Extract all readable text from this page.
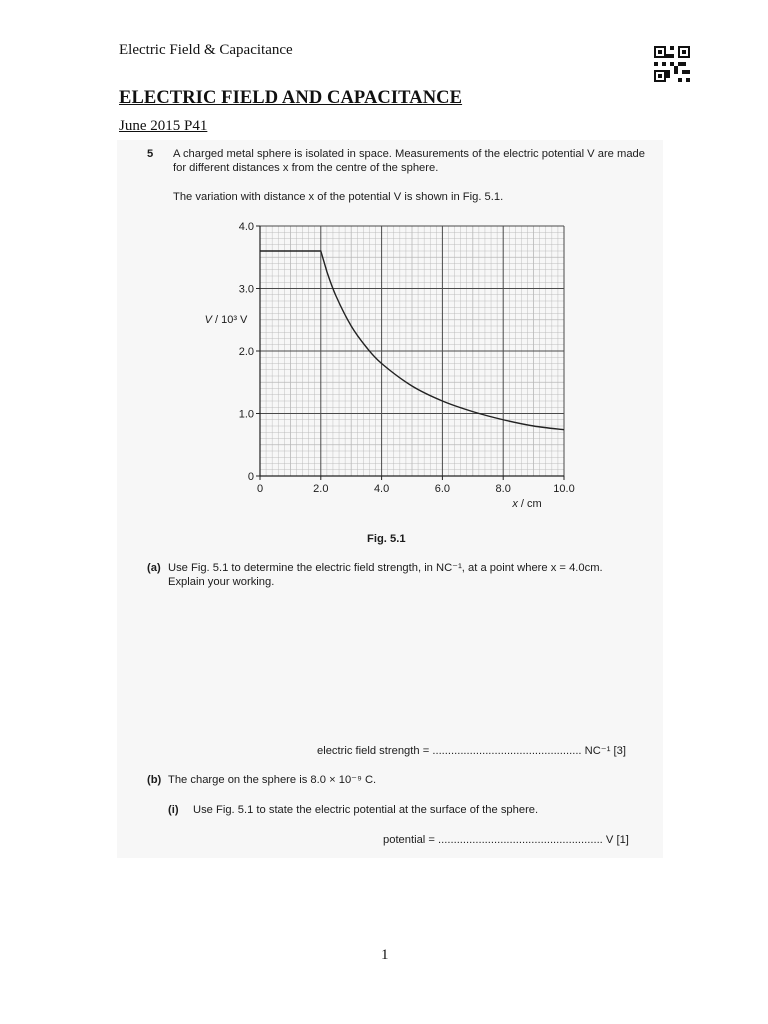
Electric Field & Capacitance
ELECTRIC FIELD AND CAPACITANCE
June 2015 P41
5 A charged metal sphere is isolated in space. Measurements of the electric potential V are made
for different distances x from the centre of the sphere.
The variation with distance x of the potential V is shown in Fig. 5.1.
0	2.0	4.0	6.0	8.0	10.0
0
1.0
2.0
3.0
4.0
V / 10³ V
x / cm
Fig. 5.1
(a) Use Fig. 5.1 to determine the electric field strength, in NC⁻¹, at a point where x = 4.0cm.
Explain your working.
electric field strength = ................................................ NC⁻¹ [3]
(b) The charge on the sphere is 8.0 × 10⁻⁹ C.
(i) Use Fig. 5.1 to state the electric potential at the surface of the sphere.
potential = ..................................................... V [1]
1
